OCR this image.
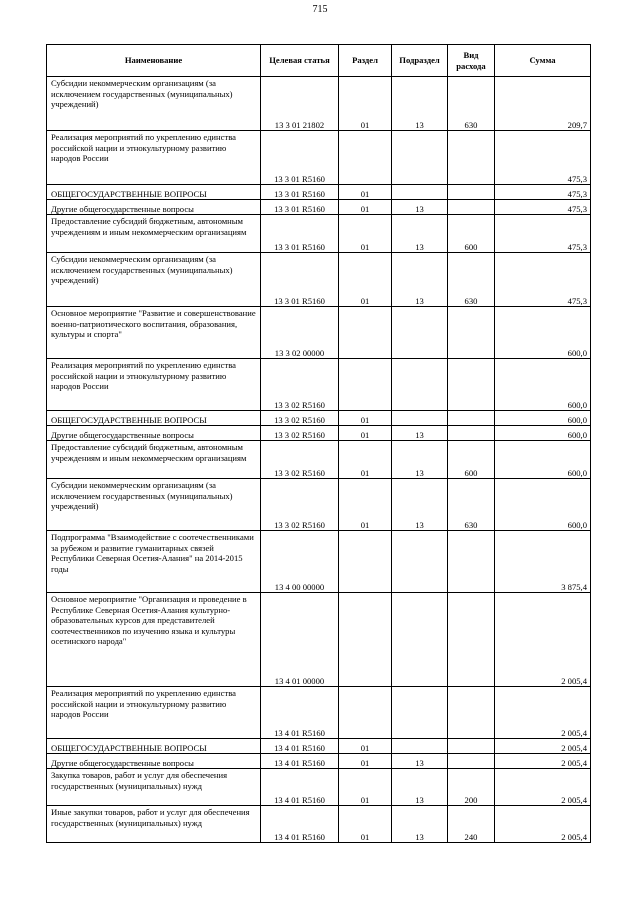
715
Наименование	Целевая статья	Раздел	Подраздел	Вид расхода	Сумма
Субсидии некоммерческим организациям (за исключением государственных (муниципальных) учреждений)	13 3 01 21802	01	13	630	209,7
Реализация мероприятий по укреплению единства российской нации и этнокультурному развитию народов России	13 3 01 R5160				475,3
ОБЩЕГОСУДАРСТВЕННЫЕ ВОПРОСЫ	13 3 01 R5160	01			475,3
Другие общегосударственные вопросы	13 3 01 R5160	01	13		475,3
Предоставление субсидий бюджетным, автономным учреждениям и иным некоммерческим организациям	13 3 01 R5160	01	13	600	475,3
Субсидии некоммерческим организациям (за исключением государственных (муниципальных) учреждений)	13 3 01 R5160	01	13	630	475,3
Основное мероприятие "Развитие и совершенствование военно-патриотического воспитания, образования, культуры и спорта"	13 3 02 00000				600,0
Реализация мероприятий по укреплению единства российской нации и этнокультурному развитию народов России	13 3 02 R5160				600,0
ОБЩЕГОСУДАРСТВЕННЫЕ ВОПРОСЫ	13 3 02 R5160	01			600,0
Другие общегосударственные вопросы	13 3 02 R5160	01	13		600,0
Предоставление субсидий бюджетным, автономным учреждениям и иным некоммерческим организациям	13 3 02 R5160	01	13	600	600,0
Субсидии некоммерческим организациям (за исключением государственных (муниципальных) учреждений)	13 3 02 R5160	01	13	630	600,0
Подпрограмма "Взаимодействие с соотечественниками за рубежом и развитие гуманитарных связей Республики Северная Осетия-Алания" на 2014-2015 годы	13 4 00 00000				3 875,4
Основное мероприятие "Организация и проведение в Республике Северная Осетия-Алания культурно-образовательных курсов для представителей соотечественников по изучению языка и культуры осетинского народа"	13 4 01 00000				2 005,4
Реализация мероприятий по укреплению единства российской нации и этнокультурному развитию народов России	13 4 01 R5160				2 005,4
ОБЩЕГОСУДАРСТВЕННЫЕ ВОПРОСЫ	13 4 01 R5160	01			2 005,4
Другие общегосударственные вопросы	13 4 01 R5160	01	13		2 005,4
Закупка товаров, работ и услуг для обеспечения государственных (муниципальных) нужд	13 4 01 R5160	01	13	200	2 005,4
Иные закупки товаров, работ и услуг для обеспечения государственных (муниципальных) нужд	13 4 01 R5160	01	13	240	2 005,4
